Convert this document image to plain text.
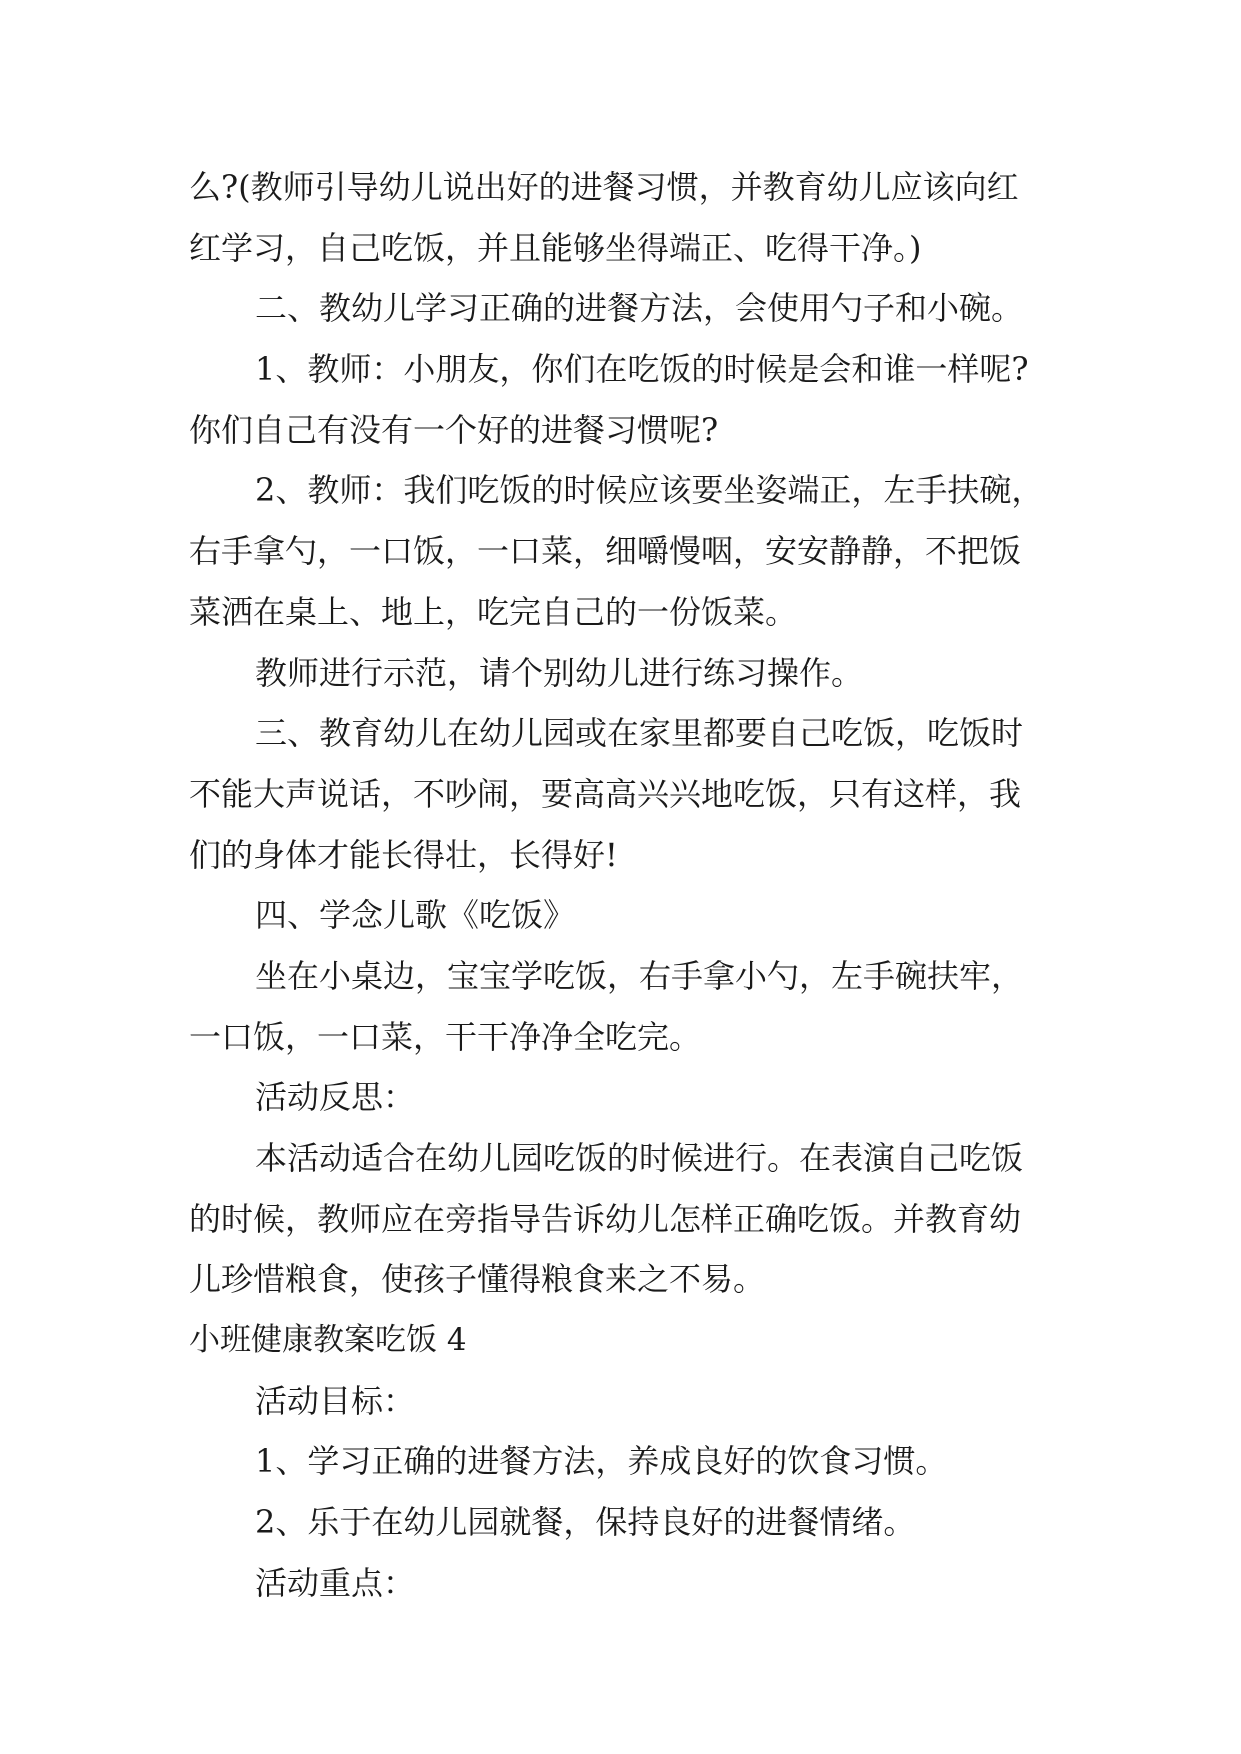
么?(教师引导幼儿说出好的进餐习惯，并教育幼儿应该向红
红学习，自己吃饭，并且能够坐得端正、吃得干净。)
二、教幼儿学习正确的进餐方法，会使用勺子和小碗。
1、教师：小朋友，你们在吃饭的时候是会和谁一样呢?
你们自己有没有一个好的进餐习惯呢?
2、教师：我们吃饭的时候应该要坐姿端正，左手扶碗，
右手拿勺，一口饭，一口菜，细嚼慢咽，安安静静，不把饭
菜洒在桌上、地上，吃完自己的一份饭菜。
教师进行示范，请个别幼儿进行练习操作。
三、教育幼儿在幼儿园或在家里都要自己吃饭，吃饭时
不能大声说话，不吵闹，要高高兴兴地吃饭，只有这样，我
们的身体才能长得壮，长得好!
四、学念儿歌《吃饭》
坐在小桌边，宝宝学吃饭，右手拿小勺，左手碗扶牢，
一口饭，一口菜，干干净净全吃完。
活动反思：
本活动适合在幼儿园吃饭的时候进行。在表演自己吃饭
的时候，教师应在旁指导告诉幼儿怎样正确吃饭。并教育幼
儿珍惜粮食，使孩子懂得粮食来之不易。
小班健康教案吃饭 4
活动目标：
1、学习正确的进餐方法，养成良好的饮食习惯。
2、乐于在幼儿园就餐，保持良好的进餐情绪。
活动重点：
